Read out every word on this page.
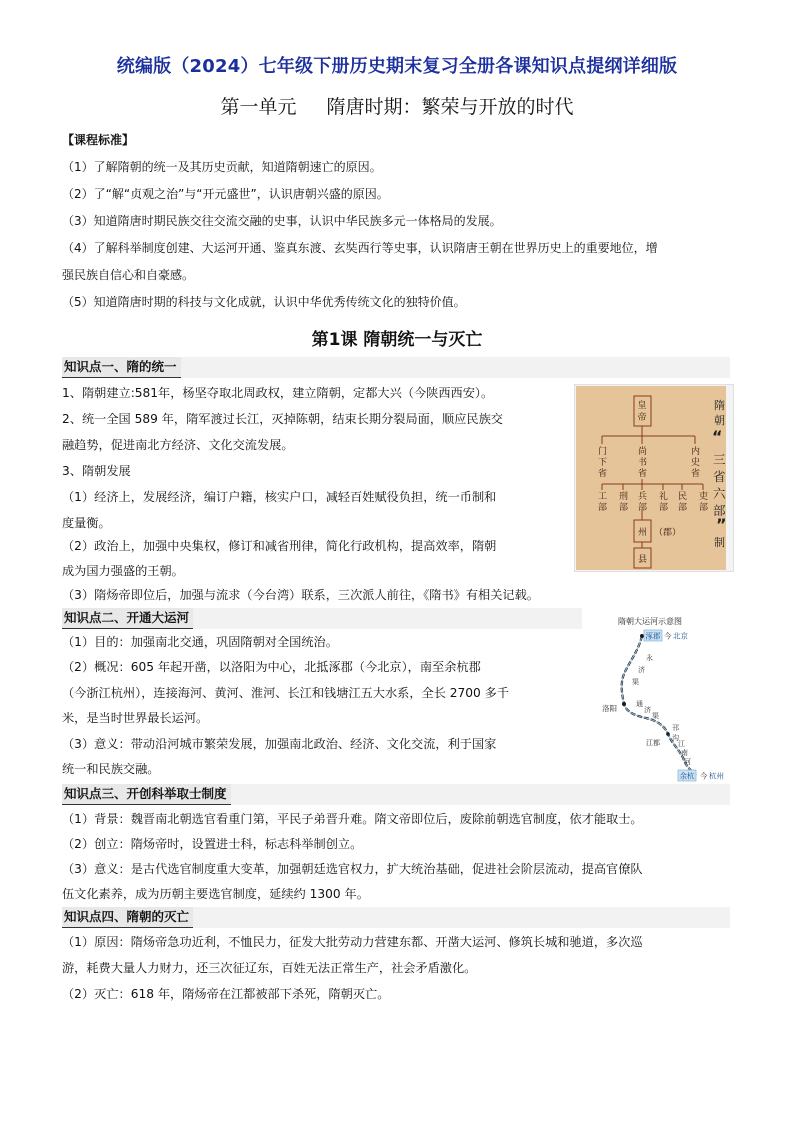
统编版（2024）七年级下册历史期末复习全册各课知识点提纲详细版
第一单元 隋唐时期：繁荣与开放的时代
【课程标准】
（1）了解隋朝的统一及其历史贡献，知道隋朝速亡的原因。
（2）了“解“贞观之治”与“开元盛世”，认识唐朝兴盛的原因。
（3）知道隋唐时期民族交往交流交融的史事，认识中华民族多元一体格局的发展。
（4）了解科举制度创建、大运河开通、鉴真东渡、玄奘西行等史事，认识隋唐王朝在世界历史上的重要地位，增
强民族自信心和自豪感。
（5）知道隋唐时期的科技与文化成就，认识中华优秀传统文化的独特价值。
第1课 隋朝统一与灭亡
知识点一、隋的统一
1、隋朝建立:581年，杨坚夺取北周政权，建立隋朝，定都大兴（今陕西西安）。
2、统一全国 589 年，隋军渡过长江，灭掉陈朝，结束长期分裂局面，顺应民族交
融趋势，促进南北方经济、文化交流发展。
3、隋朝发展
（1）经济上，发展经济，编订户籍，核实户口，减轻百姓赋役负担，统一币制和
度量衡。
（2）政治上，加强中央集权，修订和减省刑律，简化行政机构，提高效率，隋朝
成为国力强盛的王朝。
（3）隋炀帝即位后，加强与流求（今台湾）联系，三次派人前往，《隋书》有相关记载。
皇帝
门下省
尚书省
内史省
工部
刑部
兵部
礼部
民部
吏部
州 （郡）
县
隋朝
“
三省六部
”
制
知识点二、开通大运河
（1）目的：加强南北交通，巩固隋朝对全国统治。
（2）概况：605 年起开凿，以洛阳为中心，北抵涿郡（今北京），南至余杭郡
（今浙江杭州），连接海河、黄河、淮河、长江和钱塘江五大水系，全长 2700 多千
米，是当时世界最长运河。
（3）意义：带动沿河城市繁荣发展，加强南北政治、经济、文化交流，利于国家
统一和民族交融。
隋朝大运河示意图
涿郡 今 北京
永济渠
洛阳	通济渠
邗沟
江都	江南河
余杭 今 杭州
知识点三、开创科举取士制度
（1）背景：魏晋南北朝选官看重门第，平民子弟晋升难。隋文帝即位后，废除前朝选官制度，依才能取士。
（2）创立：隋炀帝时，设置进士科，标志科举制创立。
（3）意义：是古代选官制度重大变革，加强朝廷选官权力，扩大统治基础，促进社会阶层流动，提高官僚队
伍文化素养，成为历朝主要选官制度，延续约 1300 年。
知识点四、隋朝的灭亡
（1）原因：隋炀帝急功近利，不恤民力，征发大批劳动力营建东都、开凿大运河、修筑长城和驰道，多次巡
游，耗费大量人力财力，还三次征辽东，百姓无法正常生产，社会矛盾激化。
（2）灭亡：618 年，隋炀帝在江都被部下杀死，隋朝灭亡。
